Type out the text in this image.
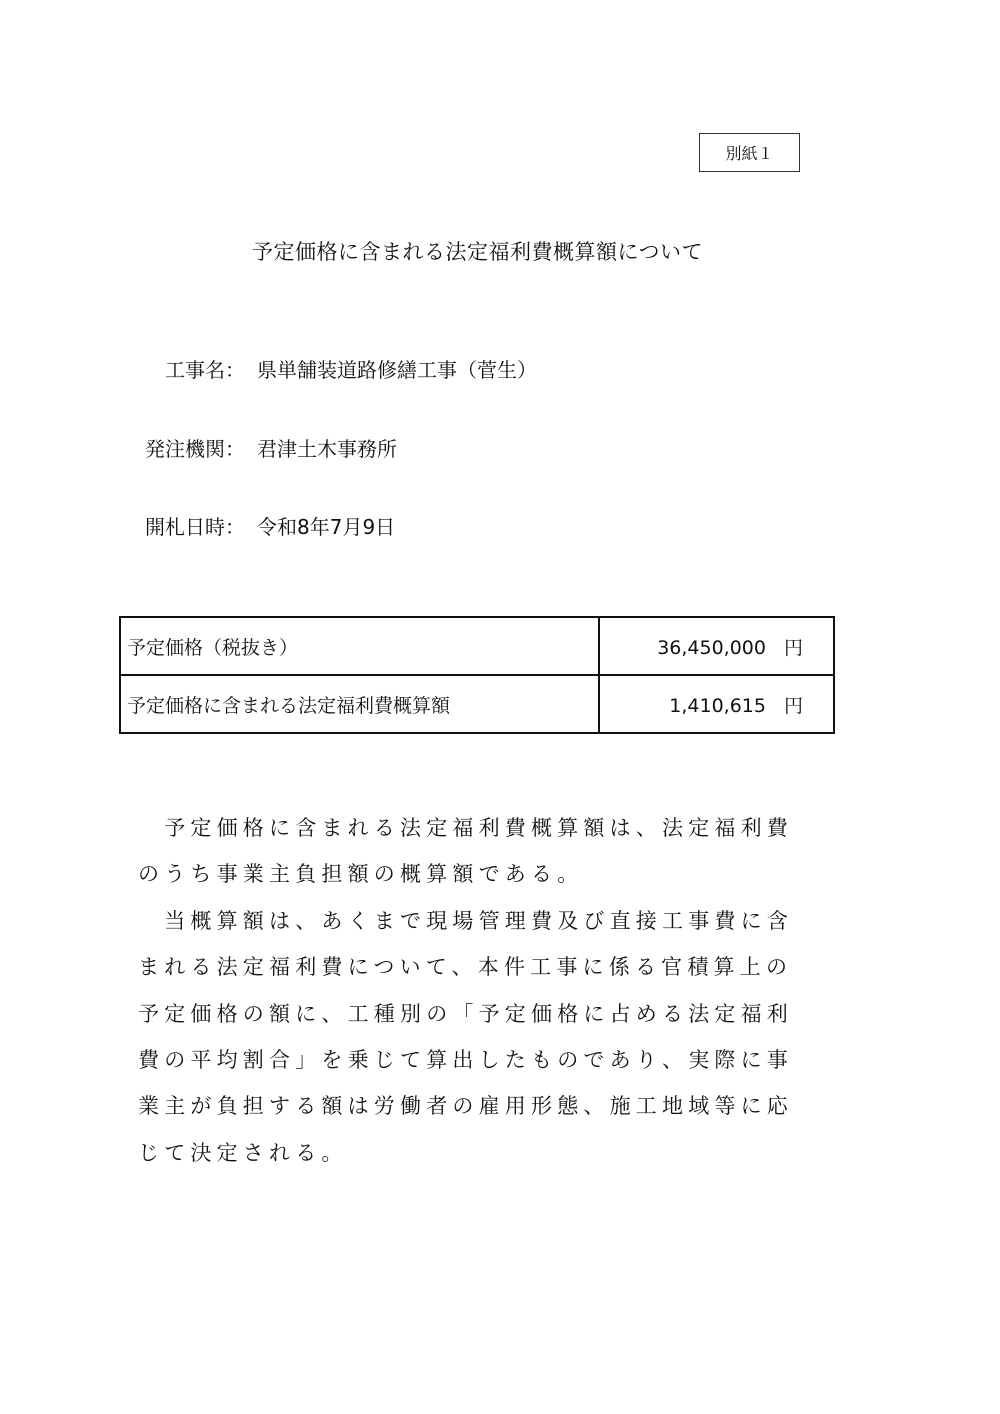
別紙１
予定価格に含まれる法定福利費概算額について
工事名： 県単舗装道路修繕工事（菅生）
発注機関： 君津土木事務所
開札日時： 令和8年7月9日
予定価格（税抜き）	36,450,000 円
予定価格に含まれる法定福利費概算額	1,410,615 円
　予定価格に含まれる法定福利費概算額は、法定福利費
のうち事業主負担額の概算額である。
　当概算額は、あくまで現場管理費及び直接工事費に含
まれる法定福利費について、本件工事に係る官積算上の
予定価格の額に、工種別の「予定価格に占める法定福利
費の平均割合」を乗じて算出したものであり、実際に事
業主が負担する額は労働者の雇用形態、施工地域等に応
じて決定される。
